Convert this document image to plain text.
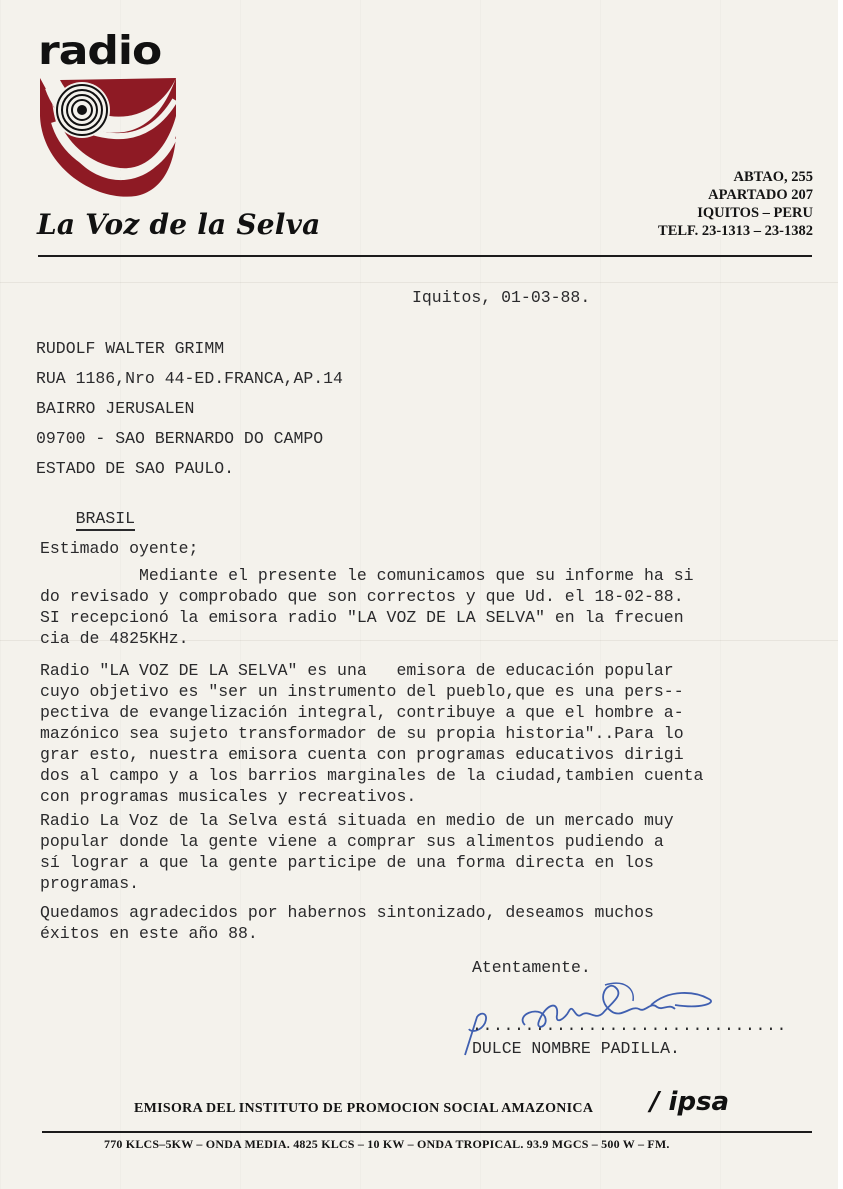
radio
La Voz de la Selva
ABTAO, 255
APARTADO 207
IQUITOS – PERU
TELF. 23-1313 – 23-1382
Iquitos, 01-03-88.
RUDOLF WALTER GRIMM
RUA 1186,Nro 44-ED.FRANCA,AP.14
BAIRRO JERUSALEN
09700 - SAO BERNARDO DO CAMPO
ESTADO DE SAO PAULO.

BRASIL

Estimado oyente;
Mediante el presente le comunicamos que su informe ha si
do revisado y comprobado que son correctos y que Ud. el 18-02-88.
SI recepcionó la emisora radio "LA VOZ DE LA SELVA" en la frecuen
cia de 4825KHz.
Radio "LA VOZ DE LA SELVA" es una   emisora de educación popular
cuyo objetivo es "ser un instrumento del pueblo,que es una pers--
pectiva de evangelización integral, contribuye a que el hombre a-
mazónico sea sujeto transformador de su propia historia"..Para lo
grar esto, nuestra emisora cuenta con programas educativos dirigi
dos al campo y a los barrios marginales de la ciudad,tambien cuenta
con programas musicales y recreativos.
Radio La Voz de la Selva está situada en medio de un mercado muy
popular donde la gente viene a comprar sus alimentos pudiendo a
sí lograr a que la gente participe de una forma directa en los
programas.
Quedamos agradecidos por habernos sintonizado, deseamos muchos
éxitos en este año 88.
Atentamente.
..............................
DULCE NOMBRE PADILLA.
EMISORA DEL INSTITUTO DE PROMOCION SOCIAL AMAZONICA / ipsa
770 KLCS–5KW – ONDA MEDIA. 4825 KLCS – 10 KW – ONDA TROPICAL. 93.9 MGCS – 500 W – FM.
